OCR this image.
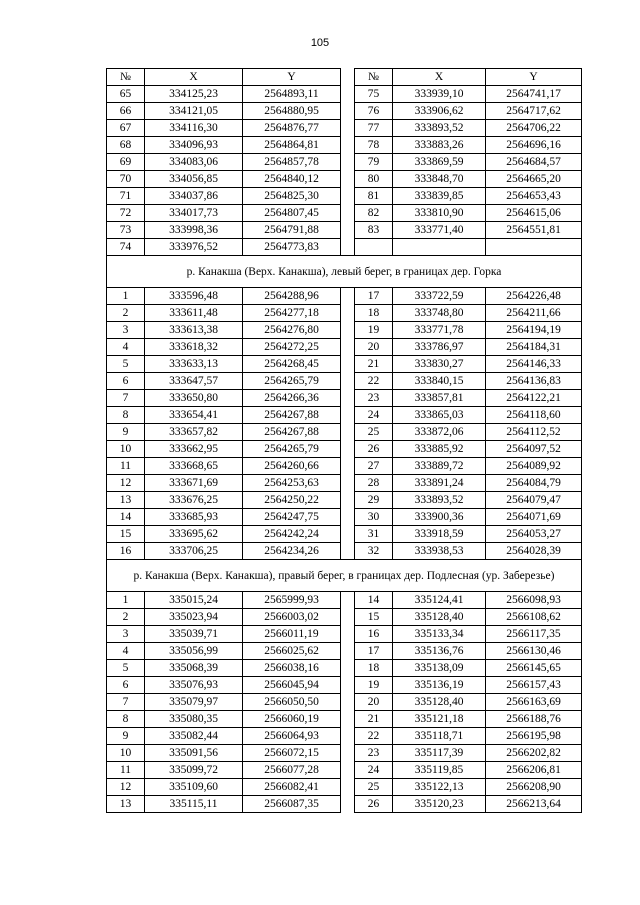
105
№	X	Y		№	X	Y
65	334125,23	2564893,11		75	333939,10	2564741,17
66	334121,05	2564880,95		76	333906,62	2564717,62
67	334116,30	2564876,77		77	333893,52	2564706,22
68	334096,93	2564864,81		78	333883,26	2564696,16
69	334083,06	2564857,78		79	333869,59	2564684,57
70	334056,85	2564840,12		80	333848,70	2564665,20
71	334037,86	2564825,30		81	333839,85	2564653,43
72	334017,73	2564807,45		82	333810,90	2564615,06
73	333998,36	2564791,88		83	333771,40	2564551,81
74	333976,52	2564773,83				
р. Канакша (Верх. Канакша), левый берег, в границах дер. Горка						
1	333596,48	2564288,96		17	333722,59	2564226,48
2	333611,48	2564277,18		18	333748,80	2564211,66
3	333613,38	2564276,80		19	333771,78	2564194,19
4	333618,32	2564272,25		20	333786,97	2564184,31
5	333633,13	2564268,45		21	333830,27	2564146,33
6	333647,57	2564265,79		22	333840,15	2564136,83
7	333650,80	2564266,36		23	333857,81	2564122,21
8	333654,41	2564267,88		24	333865,03	2564118,60
9	333657,82	2564267,88		25	333872,06	2564112,52
10	333662,95	2564265,79		26	333885,92	2564097,52
11	333668,65	2564260,66		27	333889,72	2564089,92
12	333671,69	2564253,63		28	333891,24	2564084,79
13	333676,25	2564250,22		29	333893,52	2564079,47
14	333685,93	2564247,75		30	333900,36	2564071,69
15	333695,62	2564242,24		31	333918,59	2564053,27
16	333706,25	2564234,26		32	333938,53	2564028,39
р. Канакша (Верх. Канакша), правый берег, в границах дер. Подлесная (ур. Заберезье)						
1	335015,24	2565999,93		14	335124,41	2566098,93
2	335023,94	2566003,02		15	335128,40	2566108,62
3	335039,71	2566011,19		16	335133,34	2566117,35
4	335056,99	2566025,62		17	335136,76	2566130,46
5	335068,39	2566038,16		18	335138,09	2566145,65
6	335076,93	2566045,94		19	335136,19	2566157,43
7	335079,97	2566050,50		20	335128,40	2566163,69
8	335080,35	2566060,19		21	335121,18	2566188,76
9	335082,44	2566064,93		22	335118,71	2566195,98
10	335091,56	2566072,15		23	335117,39	2566202,82
11	335099,72	2566077,28		24	335119,85	2566206,81
12	335109,60	2566082,41		25	335122,13	2566208,90
13	335115,11	2566087,35		26	335120,23	2566213,64
